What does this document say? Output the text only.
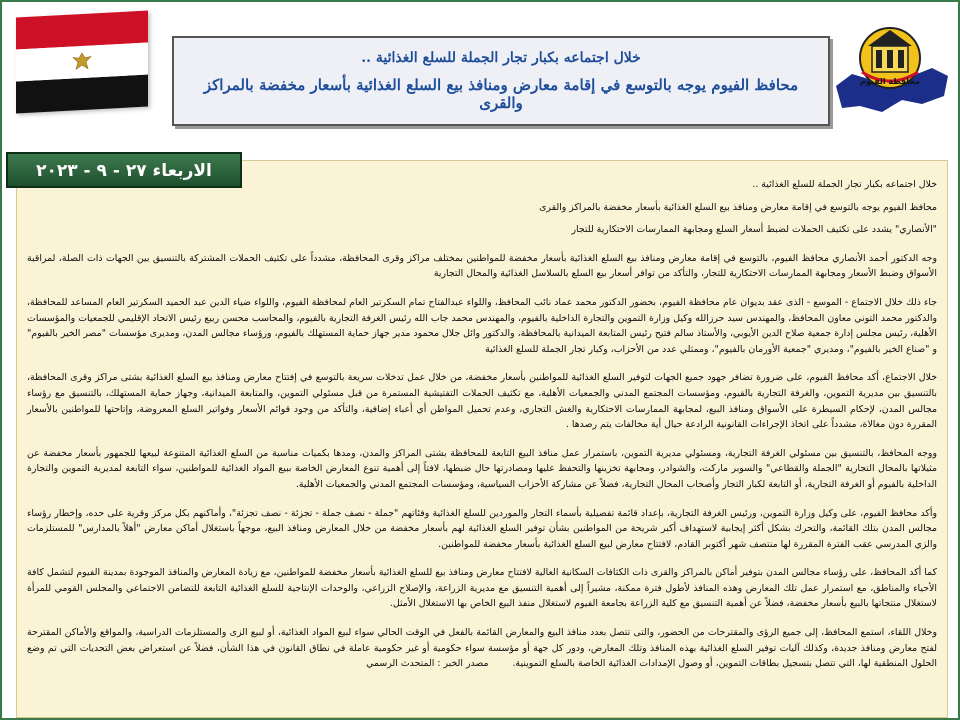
خلال اجتماعه بكبار تجار الجملة للسلع الغذائية ..
محافظ الفيوم يوجه بالتوسع في إقامة معارض ومنافذ بيع السلع الغذائية بأسعار مخفضة بالمراكز والقرى
محافظة الفيوم
الاربعاء ٢٧ - ٩ - ٢٠٢٣

خلال اجتماعه بكبار تجار الجملة للسلع الغذائية ..

محافظ الفيوم يوجه بالتوسع في إقامة معارض ومنافذ بيع السلع الغذائية بأسعار مخفضة بالمراكز والقرى

"الأنصاري" يشدد على تكثيف الحملات لضبط أسعار السلع ومجابهة الممارسات الاحتكارية للتجار

وجه الدكتور أحمد الأنصاري محافظ الفيوم، بالتوسع في إقامة معارض ومنافذ بيع السلع الغذائية بأسعار مخفضة للمواطنين بمختلف مراكز وقرى المحافظة، مشدداً على تكثيف الحملات المشتركة بالتنسيق بين الجهات ذات الصلة، لمراقبة الأسواق وضبط الأسعار ومجابهة الممارسات الاحتكارية للتجار، والتأكد من توافر أسعار بيع السلع بالسلاسل الغذائية والمحال التجارية

جاء ذلك خلال الاجتماع - الموسع - الذى عقد بديوان عام محافظة الفيوم، بحضور الدكتور محمد عماد نائب المحافظ، واللواء عبدالفتاح تمام السكرتير العام لمحافظة الفيوم، واللواء ضياء الدين عبد الحميد السكرتير العام المساعد للمحافظة، والدكتور محمد التوني معاون المحافظ، والمهندس سيد حرزالله وكيل وزارة التموين والتجارة الداخلية بالفيوم، والمهندس محمد جاب الله رئيس الغرفة التجارية بالفيوم، والمحاسب محسن ربيع رئيس الاتحاد الإقليمي للجمعيات والمؤسسات الأهلية، رئيس مجلس إدارة جمعية صلاح الدين الأيوبي، والأستاذ سالم فتيح رئيس المتابعة الميدانية بالمحافظة، والدكتور وائل جلال محمود مدير جهاز حماية المستهلك بالفيوم، ورؤساء مجالس المدن، ومديرى مؤسسات "مصر الخير بالفيوم" و "صناع الخير بالفيوم"، ومديري "جمعية الأورمان بالفيوم"، وممثلي عدد من الأحزاب، وكبار تجار الجملة للسلع الغذائية

خلال الاجتماع، أكد محافظ الفيوم، على ضرورة تضافر جهود جميع الجهات لتوفير السلع الغذائية للمواطنين بأسعار مخفضة، من خلال عمل تدخلات سريعة بالتوسع في إفتتاح معارض ومنافذ بيع السلع الغذائية بشتى مراكز وقرى المحافظة، بالتنسيق بين مديرية التموين، والغرفة التجارية بالفيوم، ومؤسسات المجتمع المدني والجمعيات الأهلية، مع تكثيف الحملات التفتيشية المستمرة من قبل مسئولي التموين، والمتابعة الميدانية، وجهاز حماية المستهلك، بالتنسيق مع رؤساء مجالس المدن، لإحكام السيطرة على الأسواق ومنافذ البيع، لمجابهة الممارسات الاحتكارية والغش التجاري، وعدم تحميل المواطن أي أعباء إضافية، والتأكد من وجود قوائم الأسعار وفواتير السلع المعروضة، وإتاحتها للمواطنين بالأسعار المقررة دون مغالاة، مشدداً على اتخاذ الإجراءات القانونية الرادعة حيال أية مخالفات يتم رصدها .

ووجه المحافظ، بالتنسيق بين مسئولي الغرفة التجارية، ومسئولي مديرية التموين، باستمرار عمل منافذ البيع التابعة للمحافظة بشتى المراكز والمدن، ومدها بكميات مناسبة من السلع الغذائية المتنوعة لبيعها للجمهور بأسعار مخفضة عن مثيلاتها بالمحال التجارية "الجملة والقطاعي" والسوبر ماركت، والشوادر، ومجابهة تخزينها والتحفظ عليها ومصادرتها حال ضبطها، لافتاً إلى أهمية تنوع المعارض الخاصة ببيع المواد الغذائية للمواطنين، سواء التابعة لمديرية التموين والتجارة الداخلية بالفيوم أو الغرفة التجارية، أو التابعة لكبار التجار وأصحاب المحال التجارية، فضلاً عن مشاركة الأحزاب السياسية، ومؤسسات المجتمع المدني والجمعيات الأهلية.

وأكد محافظ الفيوم، على وكيل وزارة التموين، ورئيس الغرفة التجارية، بإعداد قائمة تفصيلية بأسماء التجار والموردين للسلع الغذائية وفئاتهم "جملة - نصف جملة - تجزئة - نصف تجزئة"، وأماكنهم بكل مركز وقرية على حده، وإخطار رؤساء مجالس المدن بتلك القائمة، والتحرك بشكل أكثر إيجابية لاستهداف أكبر شريحة من المواطنين بشأن توفير السلع الغذائية لهم بأسعار مخفضة من خلال المعارض ومنافذ البيع، موجهاً باستغلال أماكن معارض "أهلاً بالمدارس" للمستلزمات والزي المدرسي عقب الفترة المقررة لها منتصف شهر أكتوبر القادم، لافتتاح معارض لبيع السلع الغذائية بأسعار مخفضة للمواطنين.

كما أكد المحافظ، على رؤساء مجالس المدن بتوفير أماكن بالمراكز والقرى ذات الكثافات السكانية العالية لافتتاح معارض ومنافذ بيع للسلع الغذائية بأسعار مخفضة للمواطنين، مع زيادة المعارض والمنافذ الموجودة بمدينة الفيوم لتشمل كافة الأحياء والمناطق، مع استمرار عمل تلك المعارض وهذه المنافذ لأطول فترة ممكنة، مشيراً إلى أهمية التنسيق مع مديرية الزراعة، والإصلاح الزراعي، والوحدات الإنتاجية للسلع الغذائية التابعة للتضامن الاجتماعي والمجلس القومي للمرأة لاستغلال منتجاتها بالبيع بأسعار مخفضة، فضلاً عن أهمية التنسيق مع كلية الزراعة بجامعة الفيوم لاستغلال منفذ البيع الخاص بها الاستغلال الأمثل.

وخلال اللقاء، استمع المحافظ، إلى جميع الرؤى والمقترحات من الحضور، والتى تتصل بعدد منافذ البيع والمعارض القائمة بالفعل في الوقت الحالي سواء لبيع المواد الغذائية، أو لبيع الزى والمستلزمات الدراسية، والمواقع والأماكن المقترحة لفتح معارض ومنافذ جديدة، وكذلك آليات توفير السلع الغذائية بهذه المنافذ وتلك المعارض، ودور كل جهة أو مؤسسة سواء حكومية أو غير حكومية عاملة في نطاق القانون في هذا الشأن، فضلاً عن استعراض بعض التحديات التي تم وضع الحلول المنطقية لها، التي تتصل بتسجيل بطاقات التموين، أو وصول الإمدادات الغذائية الخاصة بالسلع التموينية.        مصدر الخبر : المتحدث الرسمي
